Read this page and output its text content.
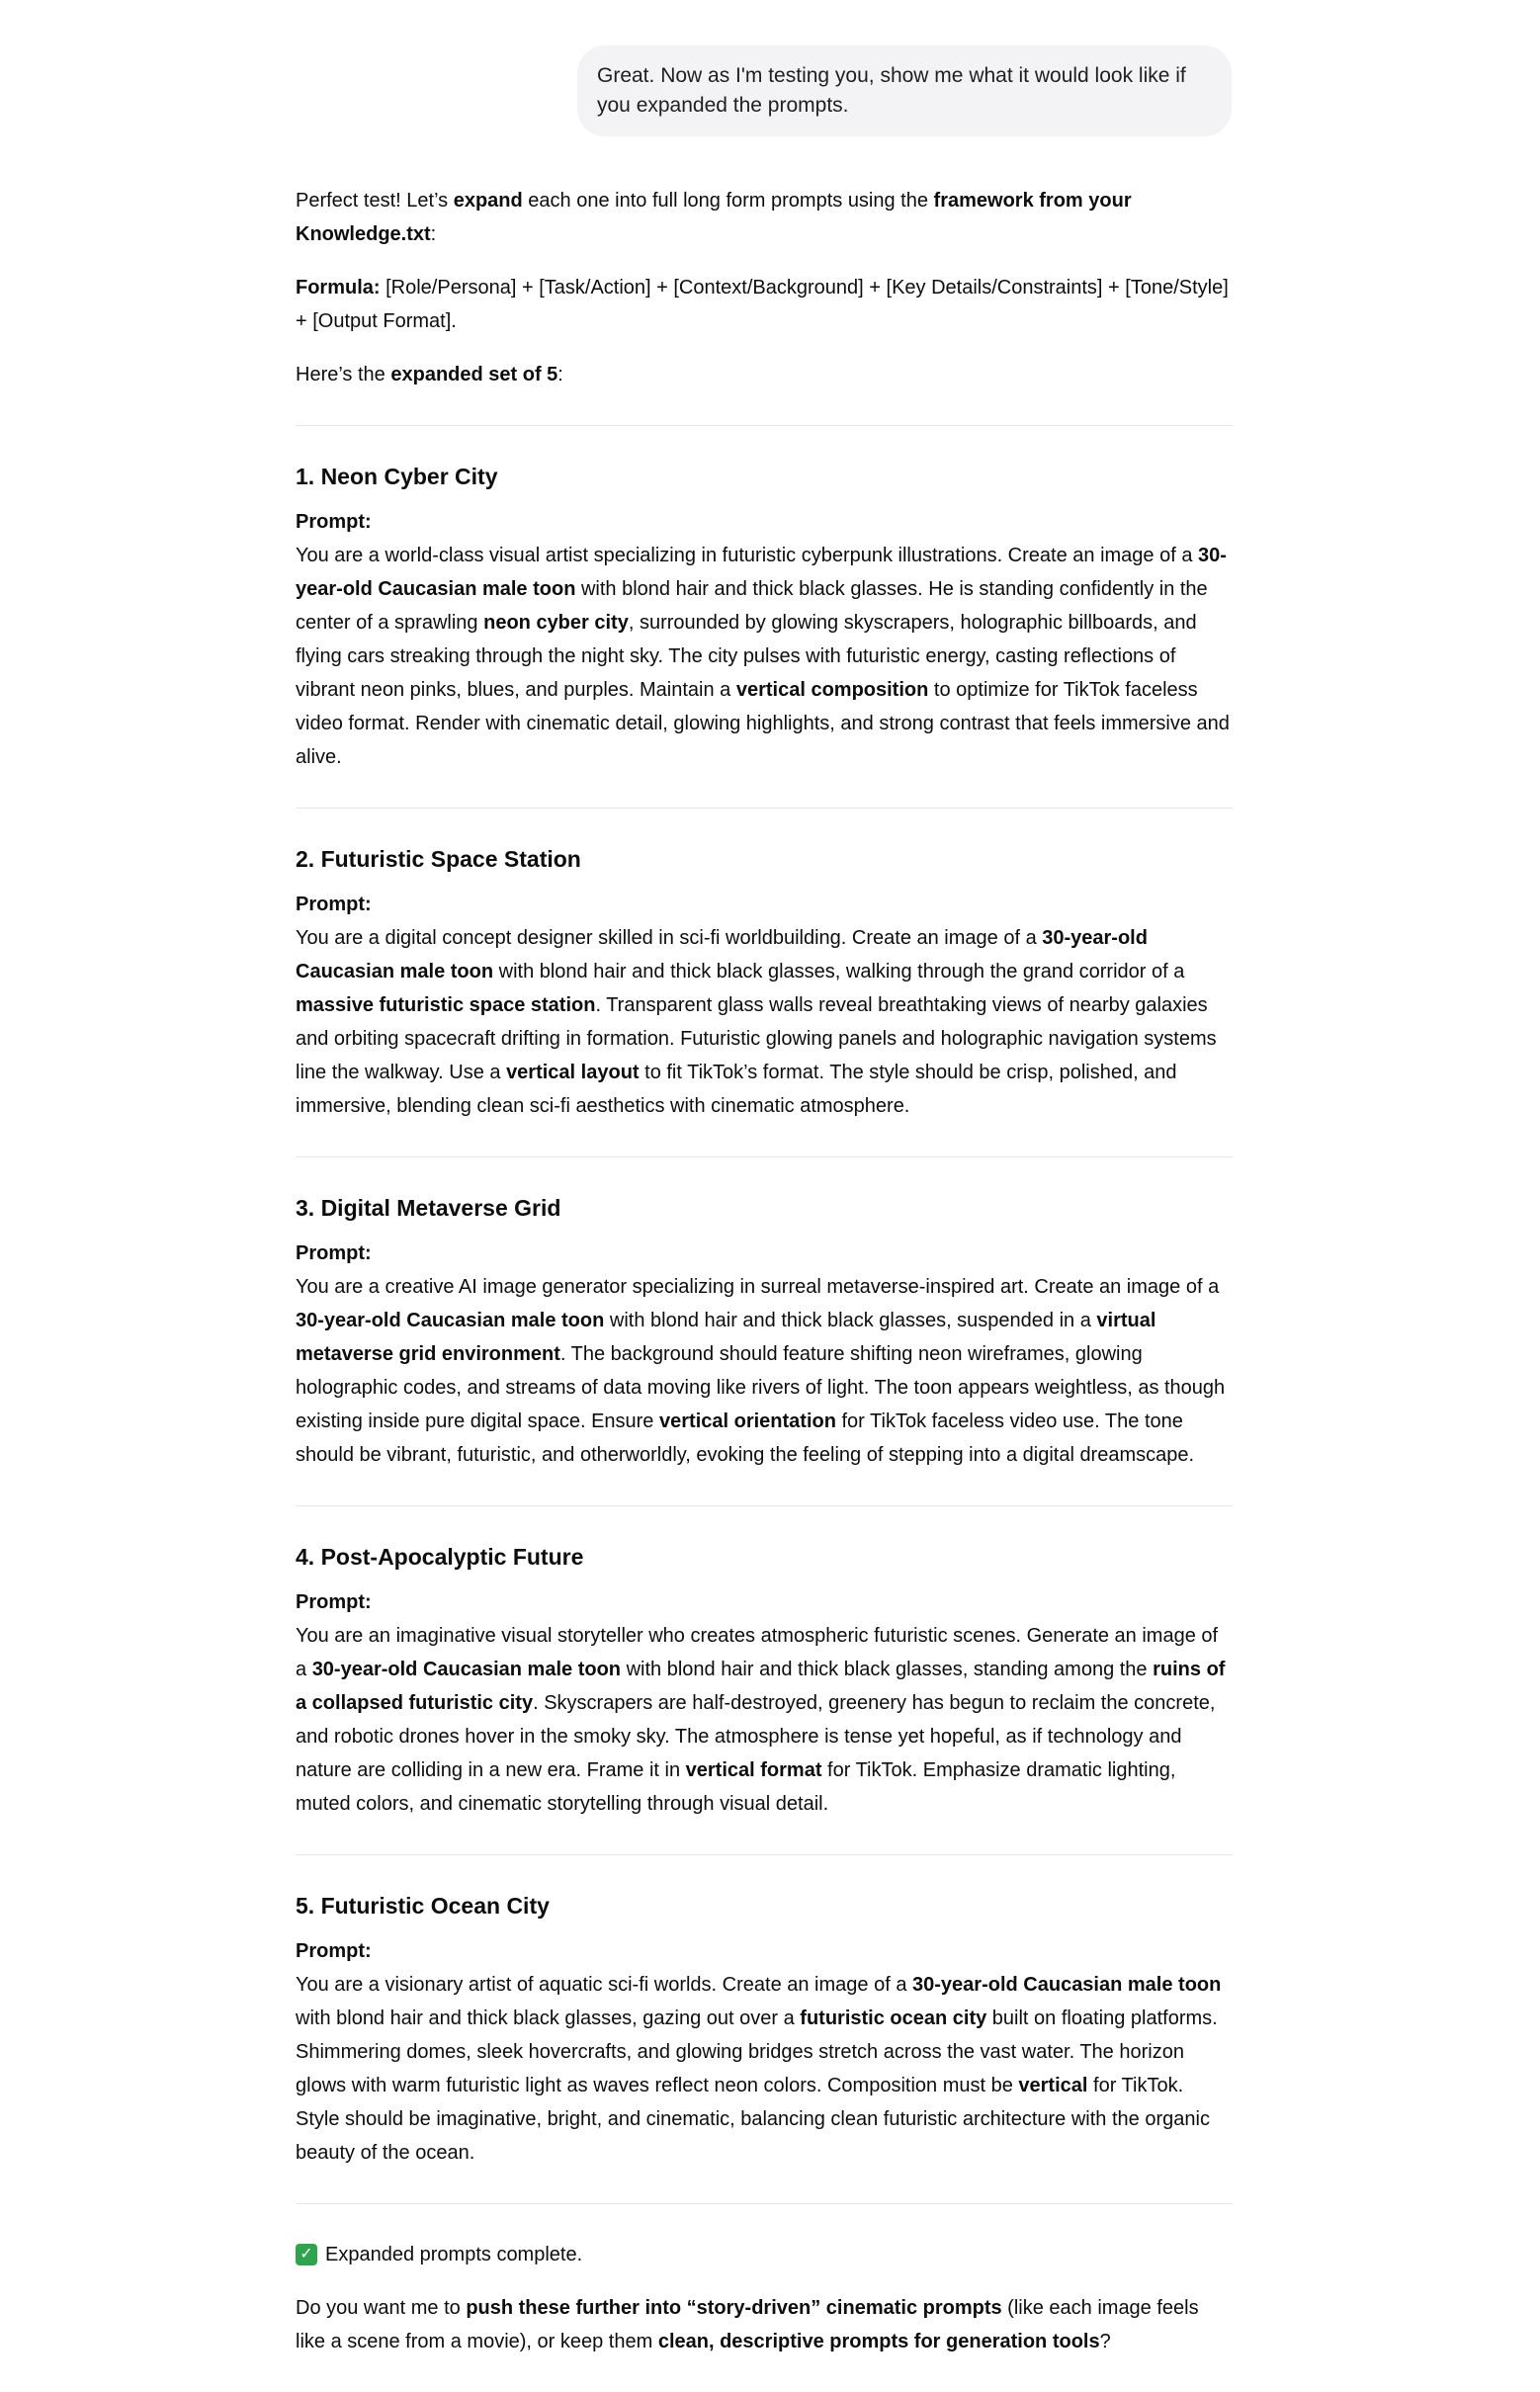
Great. Now as I'm testing you, show me what it would look like if you expanded the prompts.

Perfect test! Let’s expand each one into full long form prompts using the framework from your Knowledge.txt:

Formula: [Role/Persona] + [Task/Action] + [Context/Background] + [Key Details/Constraints] + [Tone/Style] + [Output Format].

Here’s the expanded set of 5:

1. Neon Cyber City

Prompt:

You are a world-class visual artist specializing in futuristic cyberpunk illustrations. Create an image of a 30-year-old Caucasian male toon with blond hair and thick black glasses. He is standing confidently in the center of a sprawling neon cyber city, surrounded by glowing skyscrapers, holographic billboards, and flying cars streaking through the night sky. The city pulses with futuristic energy, casting reflections of vibrant neon pinks, blues, and purples. Maintain a vertical composition to optimize for TikTok faceless video format. Render with cinematic detail, glowing highlights, and strong contrast that feels immersive and alive.

2. Futuristic Space Station

Prompt:

You are a digital concept designer skilled in sci-fi worldbuilding. Create an image of a 30-year-old Caucasian male toon with blond hair and thick black glasses, walking through the grand corridor of a massive futuristic space station. Transparent glass walls reveal breathtaking views of nearby galaxies and orbiting spacecraft drifting in formation. Futuristic glowing panels and holographic navigation systems line the walkway. Use a vertical layout to fit TikTok’s format. The style should be crisp, polished, and immersive, blending clean sci-fi aesthetics with cinematic atmosphere.

3. Digital Metaverse Grid

Prompt:

You are a creative AI image generator specializing in surreal metaverse-inspired art. Create an image of a 30-year-old Caucasian male toon with blond hair and thick black glasses, suspended in a virtual metaverse grid environment. The background should feature shifting neon wireframes, glowing holographic codes, and streams of data moving like rivers of light. The toon appears weightless, as though existing inside pure digital space. Ensure vertical orientation for TikTok faceless video use. The tone should be vibrant, futuristic, and otherworldly, evoking the feeling of stepping into a digital dreamscape.

4. Post-Apocalyptic Future

Prompt:

You are an imaginative visual storyteller who creates atmospheric futuristic scenes. Generate an image of a 30-year-old Caucasian male toon with blond hair and thick black glasses, standing among the ruins of a collapsed futuristic city. Skyscrapers are half-destroyed, greenery has begun to reclaim the concrete, and robotic drones hover in the smoky sky. The atmosphere is tense yet hopeful, as if technology and nature are colliding in a new era. Frame it in vertical format for TikTok. Emphasize dramatic lighting, muted colors, and cinematic storytelling through visual detail.

5. Futuristic Ocean City

Prompt:

You are a visionary artist of aquatic sci-fi worlds. Create an image of a 30-year-old Caucasian male toon with blond hair and thick black glasses, gazing out over a futuristic ocean city built on floating platforms. Shimmering domes, sleek hovercrafts, and glowing bridges stretch across the vast water. The horizon glows with warm futuristic light as waves reflect neon colors. Composition must be vertical for TikTok. Style should be imaginative, bright, and cinematic, balancing clean futuristic architecture with the organic beauty of the ocean.

✓ Expanded prompts complete.

Do you want me to push these further into “story-driven” cinematic prompts (like each image feels like a scene from a movie), or keep them clean, descriptive prompts for generation tools?
